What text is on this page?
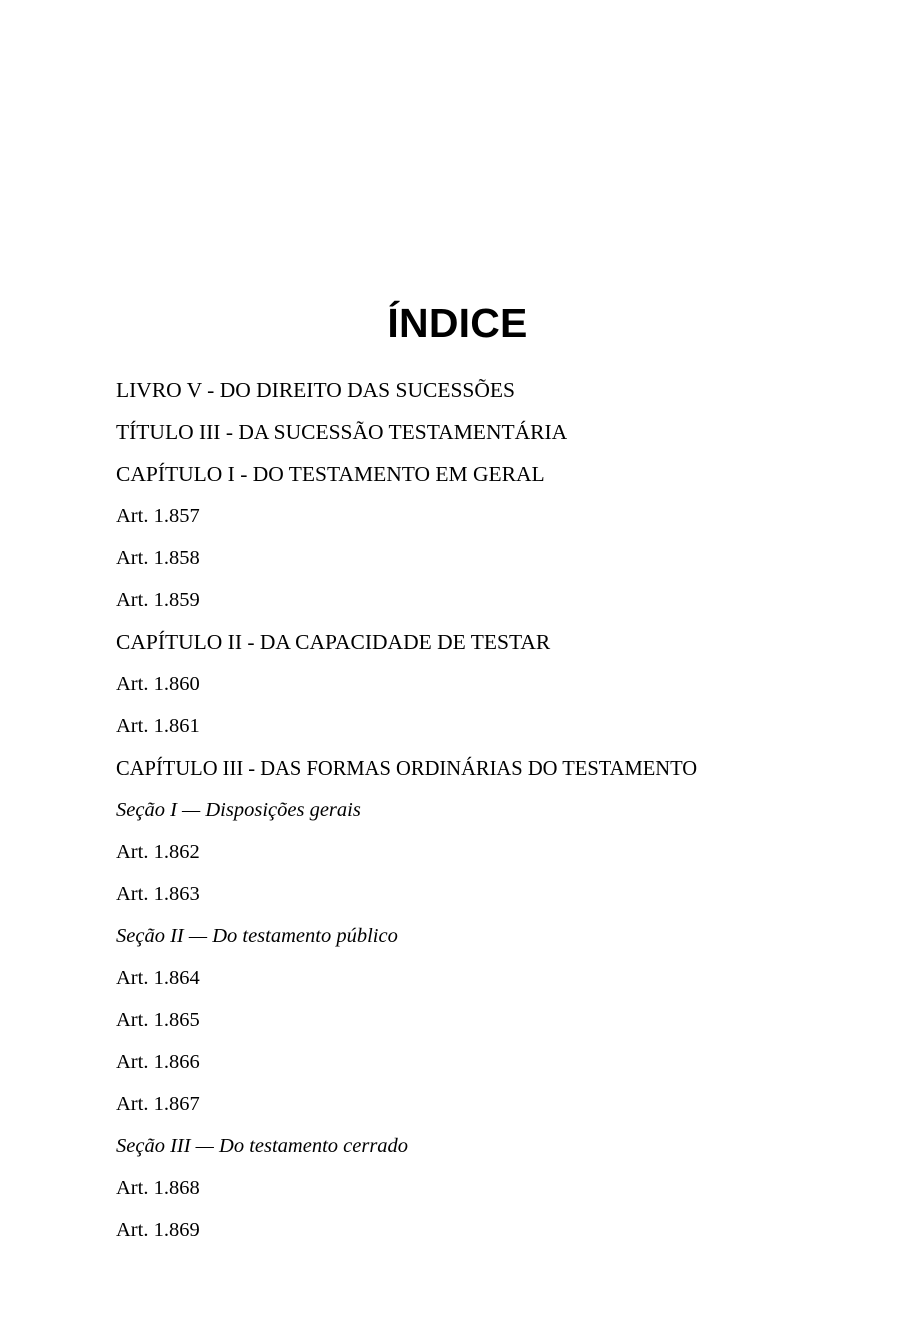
ÍNDICE
LIVRO V - DO DIREITO DAS SUCESSÕES
TÍTULO III - DA SUCESSÃO TESTAMENTÁRIA
CAPÍTULO I - DO TESTAMENTO EM GERAL
Art. 1.857
Art. 1.858
Art. 1.859
CAPÍTULO II - DA CAPACIDADE DE TESTAR
Art. 1.860
Art. 1.861
CAPÍTULO III - DAS FORMAS ORDINÁRIAS DO TESTAMENTO
Seção I — Disposições gerais
Art. 1.862
Art. 1.863
Seção II — Do testamento público
Art. 1.864
Art. 1.865
Art. 1.866
Art. 1.867
Seção III — Do testamento cerrado
Art. 1.868
Art. 1.869
